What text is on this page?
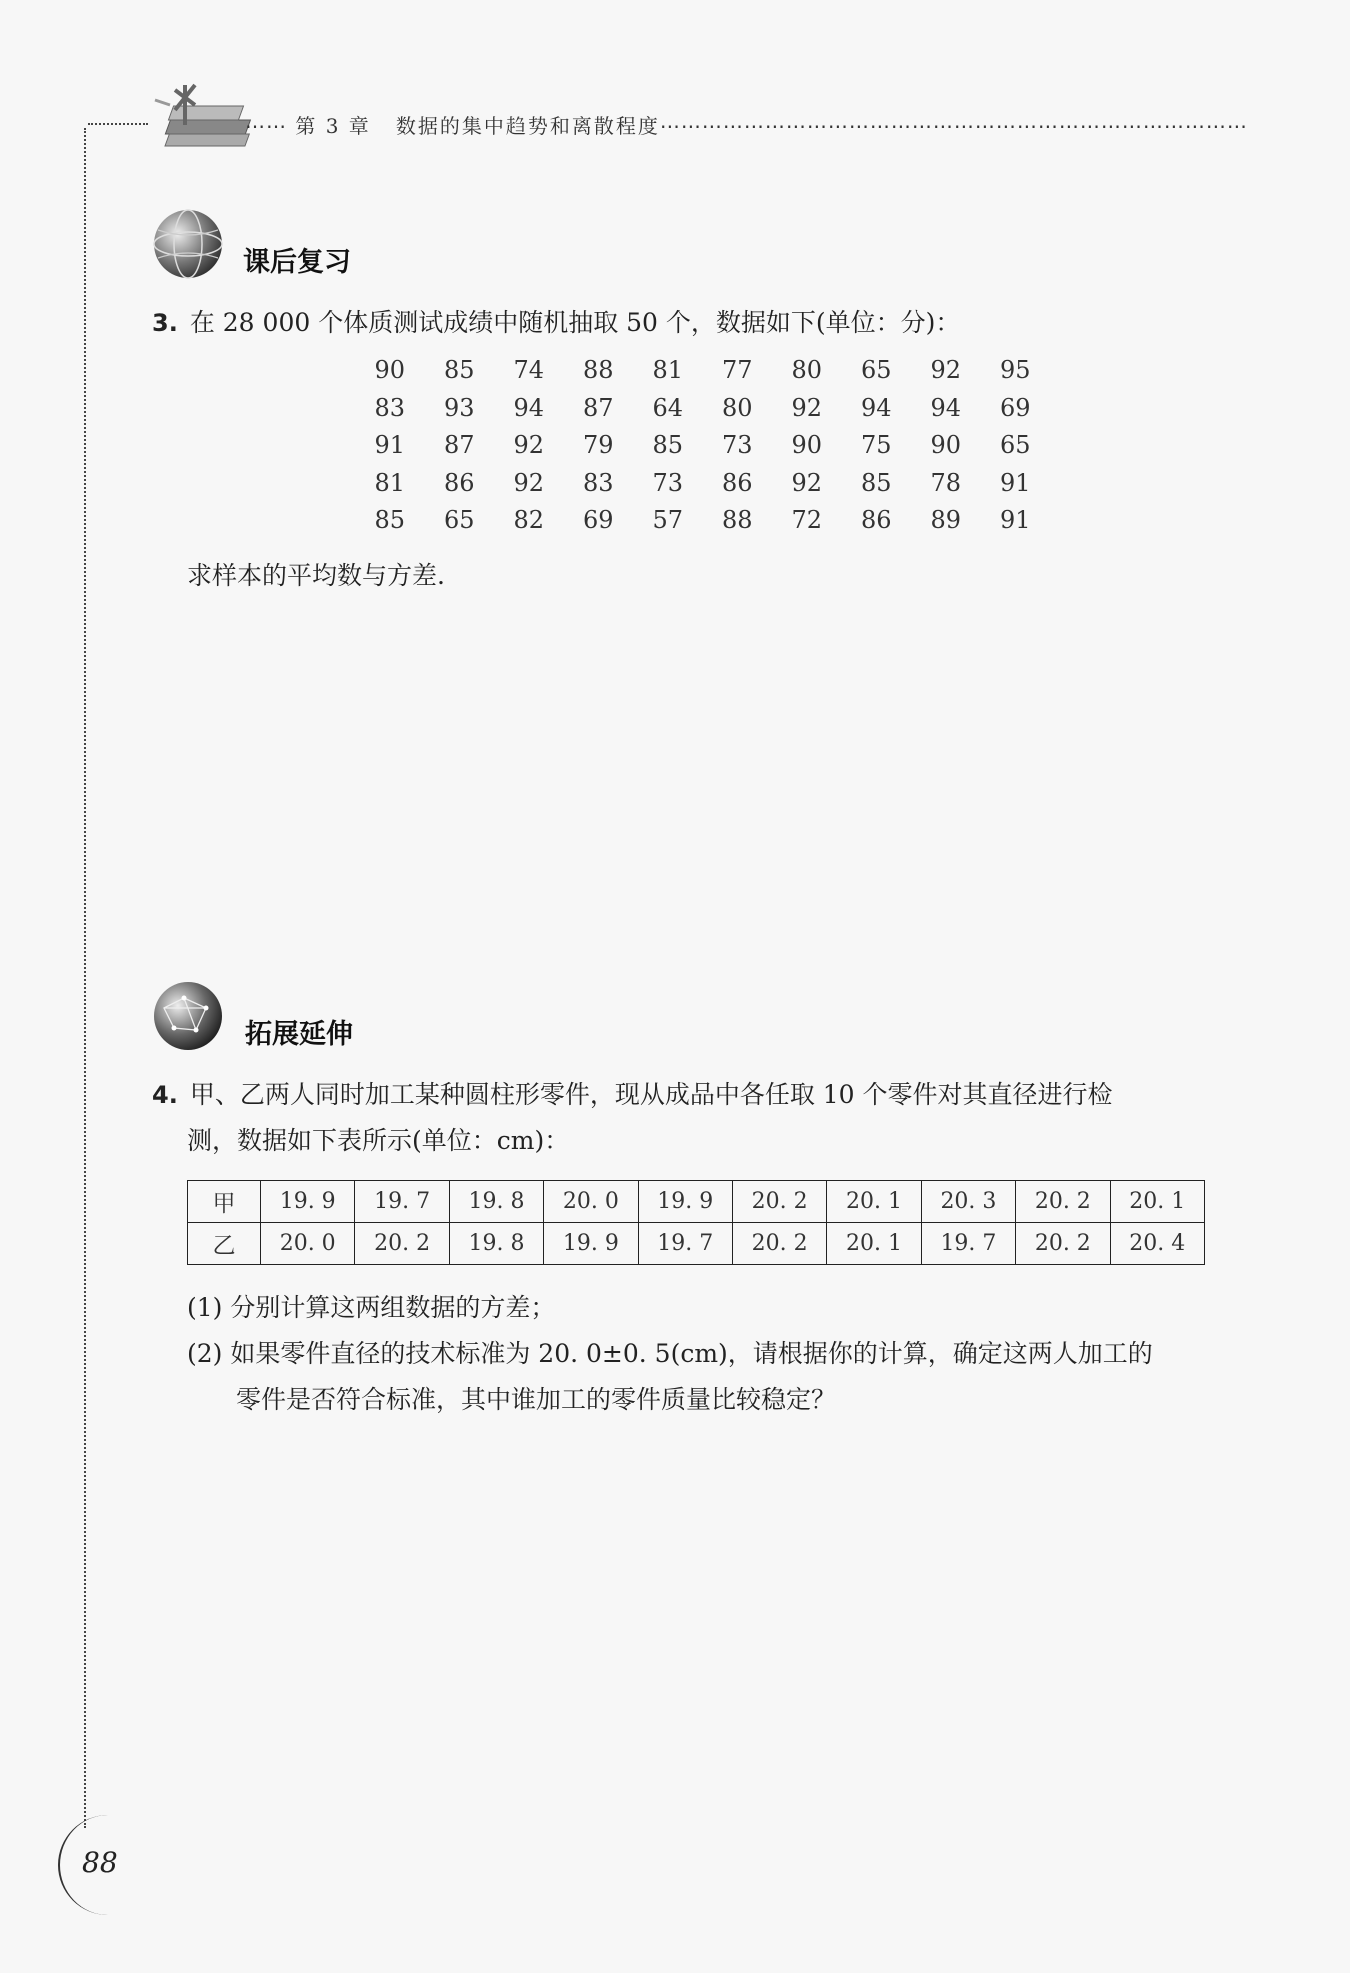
⋯⋯ 第 3 章 数据的集中趋势和离散程度⋯⋯⋯⋯⋯⋯⋯⋯⋯⋯⋯⋯⋯⋯⋯⋯⋯⋯⋯⋯⋯⋯⋯⋯⋯⋯⋯⋯
课后复习
3. 在 28 000 个体质测试成绩中随机抽取 50 个，数据如下(单位：分)：
90	85	74	88	81	77	80	65	92	95
83	93	94	87	64	80	92	94	94	69
91	87	92	79	85	73	90	75	90	65
81	86	92	83	73	86	92	85	78	91
85	65	82	69	57	88	72	86	89	91
求样本的平均数与方差.
拓展延伸
4. 甲、乙两人同时加工某种圆柱形零件，现从成品中各任取 10 个零件对其直径进行检
测，数据如下表所示(单位：cm)：
甲	19. 9	19. 7	19. 8	20. 0	19. 9	20. 2	20. 1	20. 3	20. 2	20. 1
乙	20. 0	20. 2	19. 8	19. 9	19. 7	20. 2	20. 1	19. 7	20. 2	20. 4
(1) 分别计算这两组数据的方差；
(2) 如果零件直径的技术标准为 20. 0±0. 5(cm)，请根据你的计算，确定这两人加工的
零件是否符合标准，其中谁加工的零件质量比较稳定？
88
